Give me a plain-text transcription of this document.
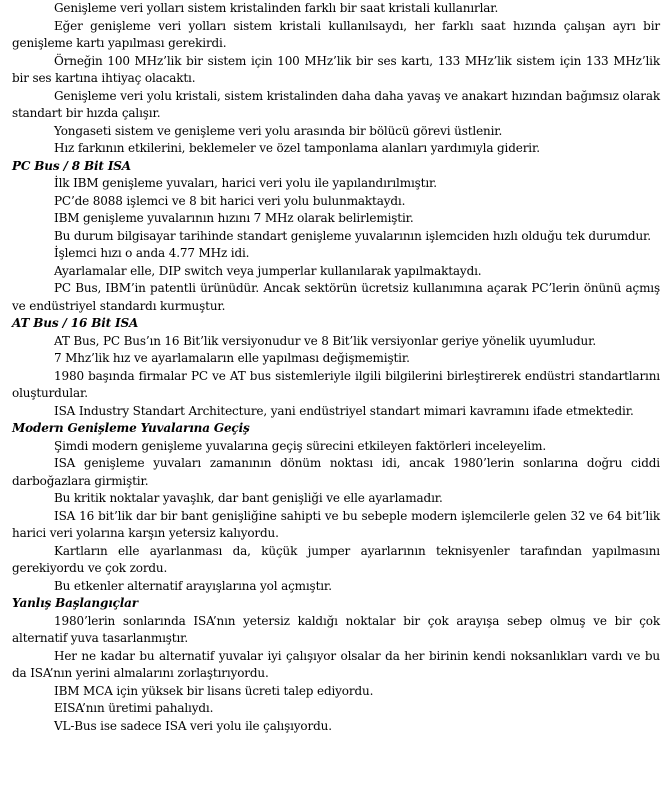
Genişleme veri yolları sistem kristalinden farklı bir saat kristali kullanırlar.

Eğer genişleme veri yolları sistem kristali kullanılsaydı, her farklı saat hızında çalışan ayrı bir genişleme kartı yapılması gerekirdi.

Örneğin 100 MHz’lik bir sistem için 100 MHz’lik bir ses kartı, 133 MHz’lik sistem için 133 MHz’lik bir ses kartına ihtiyaç olacaktı.

Genişleme veri yolu kristali, sistem kristalinden daha daha yavaş ve anakart hızından bağımsız olarak standart bir hızda çalışır.

Yongaseti sistem ve genişleme veri yolu arasında bir bölücü görevi üstlenir.

Hız farkının etkilerini, beklemeler ve özel tamponlama alanları yardımıyla giderir.

PC Bus / 8 Bit ISA

İlk IBM genişleme yuvaları, harici veri yolu ile yapılandırılmıştır.

PC’de 8088 işlemci ve 8 bit harici veri yolu bulunmaktaydı.

IBM genişleme yuvalarının hızını 7 MHz olarak belirlemiştir.

Bu durum bilgisayar tarihinde standart genişleme yuvalarının işlemciden hızlı olduğu tek durumdur.

İşlemci hızı o anda 4.77 MHz idi.

Ayarlamalar elle, DIP switch veya jumperlar kullanılarak yapılmaktaydı.

PC Bus, IBM’in patentli ürünüdür. Ancak sektörün ücretsiz kullanımına açarak PC’lerin önünü açmış ve endüstriyel standardı kurmuştur.

AT Bus / 16 Bit ISA

AT Bus, PC Bus’ın 16 Bit’lik versiyonudur ve 8 Bit’lik versiyonlar geriye yönelik uyumludur.

7 Mhz’lik hız ve ayarlamaların elle yapılması değişmemiştir.

1980 başında firmalar PC ve AT bus sistemleriyle ilgili bilgilerini birleştirerek endüstri standartlarını oluşturdular.

ISA Industry Standart Architecture, yani endüstriyel standart mimari kavramını ifade etmektedir.

Modern Genişleme Yuvalarına Geçiş

Şimdi modern genişleme yuvalarına geçiş sürecini etkileyen faktörleri inceleyelim.

ISA genişleme yuvaları zamanının dönüm noktası idi, ancak 1980’lerin sonlarına doğru ciddi darboğazlara girmiştir.

Bu kritik noktalar yavaşlık, dar bant genişliği ve elle ayarlamadır.

ISA 16 bit’lik dar bir bant genişliğine sahipti ve bu sebeple modern işlemcilerle gelen 32 ve 64 bit’lik harici veri yolarına karşın yetersiz kalıyordu.

Kartların elle ayarlanması da, küçük jumper ayarlarının teknisyenler tarafından yapılmasını gerekiyordu ve çok zordu.

Bu etkenler alternatif arayışlarına yol açmıştır.

Yanlış Başlangıçlar

1980’lerin sonlarında ISA’nın yetersiz kaldığı noktalar bir çok arayışa sebep olmuş ve bir çok alternatif yuva tasarlanmıştır.

Her ne kadar bu alternatif yuvalar iyi çalışıyor olsalar da her birinin kendi noksanlıkları vardı ve bu da ISA’nın yerini almalarını zorlaştırıyordu.

IBM MCA için yüksek bir lisans ücreti talep ediyordu.

EISA’nın üretimi pahalıydı.

VL-Bus ise sadece ISA veri yolu ile çalışıyordu.
